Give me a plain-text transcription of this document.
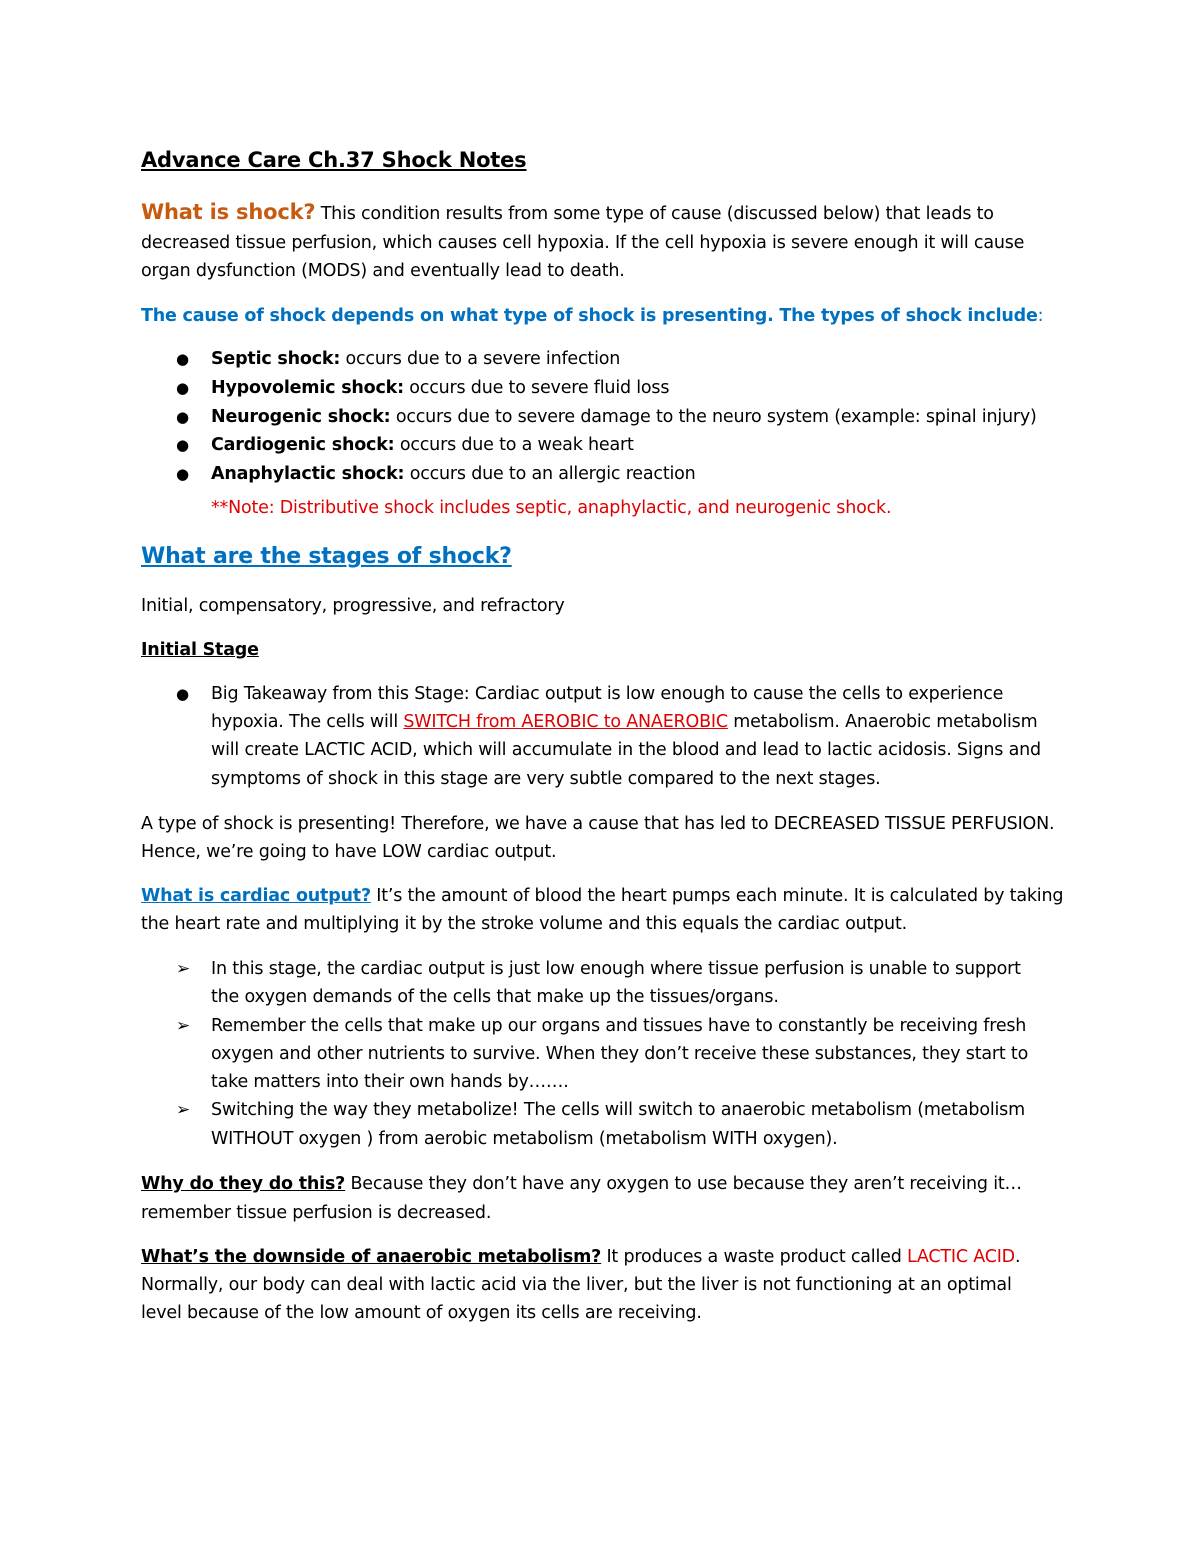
Advance Care Ch.37 Shock Notes
What is shock? This condition results from some type of cause (discussed below) that leads to
decreased tissue perfusion, which causes cell hypoxia. If the cell hypoxia is severe enough it will cause
organ dysfunction (MODS) and eventually lead to death.
The cause of shock depends on what type of shock is presenting. The types of shock include:
● Septic shock: occurs due to a severe infection
● Hypovolemic shock: occurs due to severe fluid loss
● Neurogenic shock: occurs due to severe damage to the neuro system (example: spinal injury)
● Cardiogenic shock: occurs due to a weak heart
● Anaphylactic shock: occurs due to an allergic reaction
**Note: Distributive shock includes septic, anaphylactic, and neurogenic shock.
What are the stages of shock?
Initial, compensatory, progressive, and refractory
Initial Stage
● Big Takeaway from this Stage: Cardiac output is low enough to cause the cells to experience
hypoxia. The cells will SWITCH from AEROBIC to ANAEROBIC metabolism. Anaerobic metabolism
will create LACTIC ACID, which will accumulate in the blood and lead to lactic acidosis. Signs and
symptoms of shock in this stage are very subtle compared to the next stages.
A type of shock is presenting! Therefore, we have a cause that has led to DECREASED TISSUE PERFUSION.
Hence, we’re going to have LOW cardiac output.
What is cardiac output? It’s the amount of blood the heart pumps each minute. It is calculated by taking
the heart rate and multiplying it by the stroke volume and this equals the cardiac output.
➢ In this stage, the cardiac output is just low enough where tissue perfusion is unable to support
the oxygen demands of the cells that make up the tissues/organs.
➢ Remember the cells that make up our organs and tissues have to constantly be receiving fresh
oxygen and other nutrients to survive. When they don’t receive these substances, they start to
take matters into their own hands by…….
➢ Switching the way they metabolize! The cells will switch to anaerobic metabolism (metabolism
WITHOUT oxygen ) from aerobic metabolism (metabolism WITH oxygen).
Why do they do this? Because they don’t have any oxygen to use because they aren’t receiving it…
remember tissue perfusion is decreased.
What’s the downside of anaerobic metabolism? It produces a waste product called LACTIC ACID.
Normally, our body can deal with lactic acid via the liver, but the liver is not functioning at an optimal
level because of the low amount of oxygen its cells are receiving.
